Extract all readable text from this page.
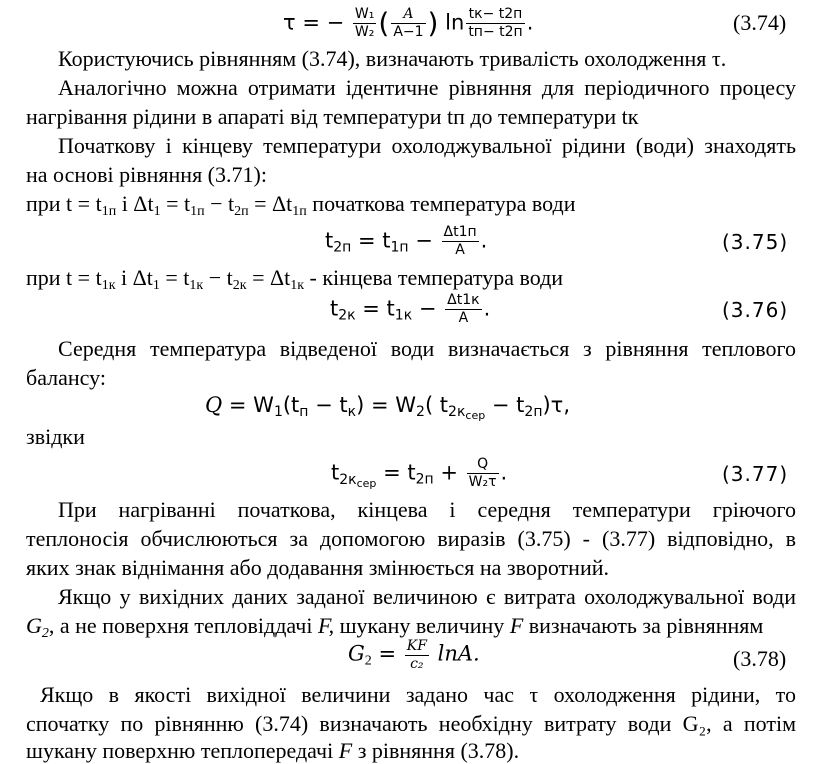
τ = − $\frac{\text{W₁}}{\text{W₂}}$ ( $\frac{A}{A-1}$ ) $\ln \frac{tк- t2п}{tп- t2п}$ .	(3.74)
Користуючись рівнянням (3.74), визначають тривалість охолодження τ.
Аналогічно можна отримати ідентичне рівняння для періодичного процесу
нагрівання рідини в апараті від температури tп до температури tк
Початкову і кінцеву температури охолоджувальної рідини (води) знаходять
на основі рівняння (3.71):
при $t = t_{1п}$ і $\Delta t_1 = t_{1п} - t_{2п} = \Delta t_{1п}$ початкова температура води
$t_{2п} = t_{1п} - \frac{\Delta t1п}{A}$ .	(3.75)
при $t = t_{1к}$ і $\Delta t_1 = t_{1к} - t_{2к} = \Delta t_{1к}$ - кінцева температура води
$t_{2к} = t_{1к} - \frac{\Delta t1к}{A}$ .	(3.76)
Середня температура відведеної води визначається з рівняння теплового
балансу:
$Q = W_1(t_п - t_к) = W_2$( $t_{2к_{сер}} - t_{2п})\tau$,
звідки
$t_{2к_{сер}} = t_{2п} + \frac{Q}{\text{W₂τ}}$ .	(3.77)
При нагріванні початкова, кінцева і середня температури гріючого
теплоносія обчислюються за допомогою виразів (3.75) - (3.77) відповідно, в
яких знак віднімання або додавання змінюється на зворотний.
Якщо у вихідних даних заданої величиною є витрата охолоджувальної води
$G_2$, а не поверхня тепловіддачі F, шукану величину F визначають за рівнянням
$G_2 = \frac{KF}{\text{c₂}} \ln A$.	(3.78)
Якщо в якості вихідної величини задано час τ охолодження рідини, то
спочатку по рівнянню (3.74) визначають необхідну витрату води G₂, а потім
шукану поверхню теплопередачі F з рівняння (3.78).
